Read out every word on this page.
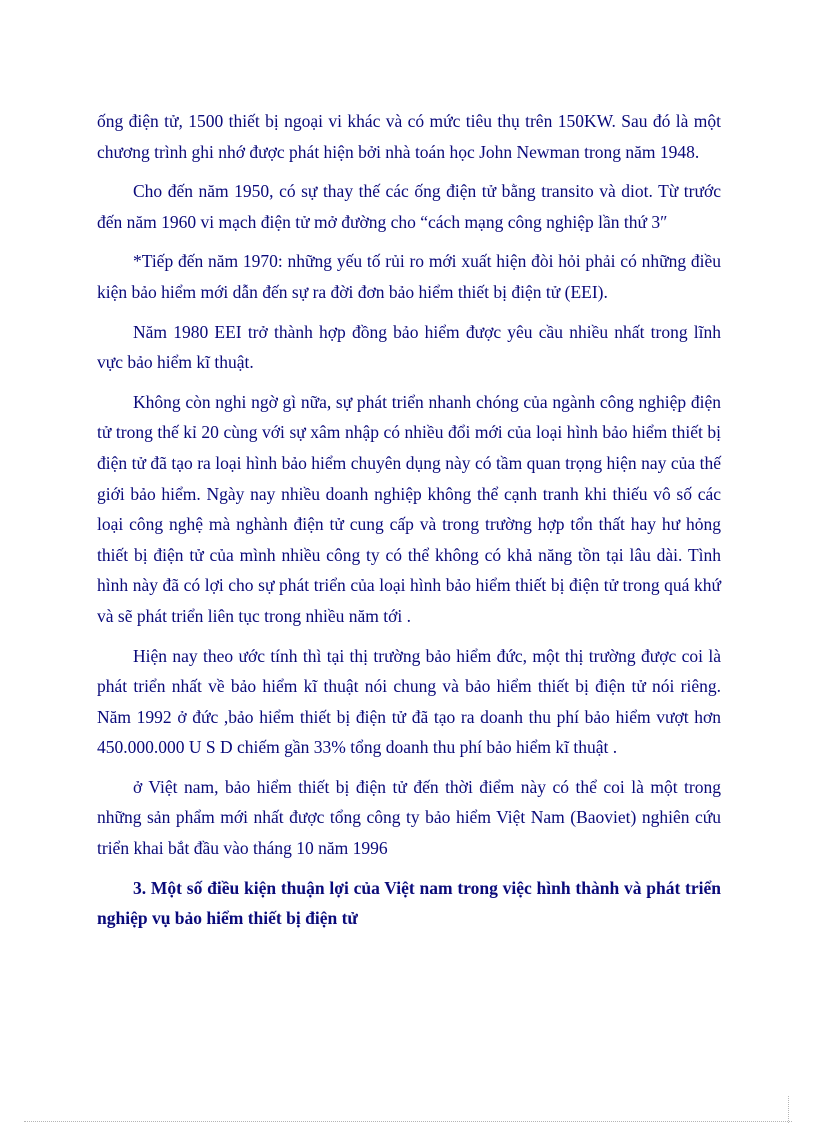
ống điện tử, 1500 thiết bị ngoại vi khác và có mức tiêu thụ trên 150KW. Sau đó là một chương trình ghi nhớ được phát hiện bởi nhà toán học John Newman trong năm 1948.

Cho đến năm 1950, có sự thay thế các ống điện tử bằng transito và diot. Từ trước đến năm 1960 vi mạch điện tử mở đường cho “cách mạng công nghiệp lần thứ 3″

*Tiếp đến năm 1970: những yếu tố rủi ro mới xuất hiện đòi hỏi phải có những điều kiện bảo hiểm mới dẫn đến sự ra đời đơn bảo hiểm thiết bị điện tử (EEI).

Năm 1980 EEI trở thành hợp đồng bảo hiểm được yêu cầu nhiều nhất trong lĩnh vực bảo hiểm kĩ thuật.

Không còn nghi ngờ gì nữa, sự phát triển nhanh chóng của ngành công nghiệp điện tử trong thế kỉ 20 cùng với sự xâm nhập có nhiều đổi mới của loại hình bảo hiểm thiết bị điện tử đã tạo ra loại hình bảo hiểm chuyên dụng này có tầm quan trọng hiện nay của thế giới bảo hiểm. Ngày nay nhiều doanh nghiệp không thể cạnh tranh khi thiếu vô số các loại công nghệ mà nghành điện tử cung cấp và trong trường hợp tổn thất hay hư hỏng thiết bị điện tử của mình nhiều công ty có thể không có khả năng tồn tại lâu dài. Tình hình này đã có lợi cho sự phát triển của loại hình bảo hiểm thiết bị điện tử trong quá khứ và sẽ phát triển liên tục trong nhiều năm tới .

Hiện nay theo ước tính thì tại thị trường bảo hiểm đức, một thị trường được coi là phát triển nhất về bảo hiểm kĩ thuật nói chung và bảo hiểm thiết bị điện tử nói riêng. Năm 1992 ở đức ,bảo hiểm thiết bị điện tử đã tạo ra doanh thu phí bảo hiểm vượt hơn 450.000.000 U S D chiếm gần 33% tổng doanh thu phí bảo hiểm kĩ thuật .

ở Việt nam, bảo hiểm thiết bị điện tử đến thời điểm này có thể coi là một trong những sản phẩm mới nhất được tổng công ty bảo hiểm Việt Nam (Baoviet) nghiên cứu triển khai bắt đầu vào tháng 10 năm 1996

3. Một số điều kiện thuận lợi của Việt nam trong việc hình thành và phát triển nghiệp vụ bảo hiểm thiết bị điện tử
